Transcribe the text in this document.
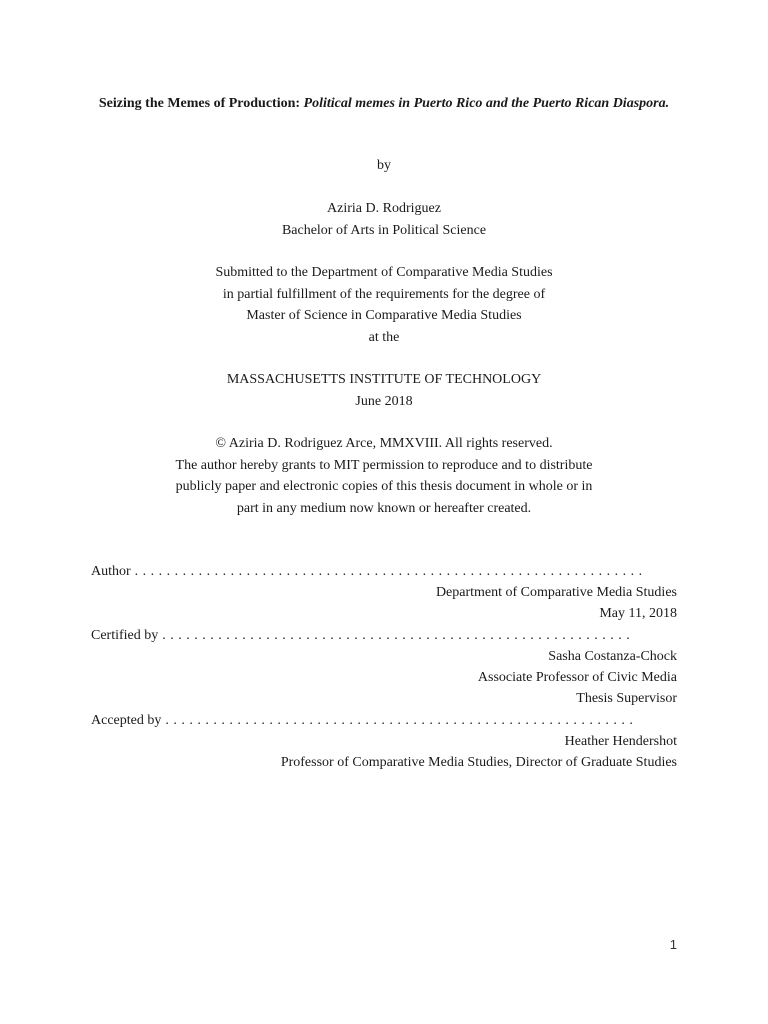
Seizing the Memes of Production: Political memes in Puerto Rico and the Puerto Rican Diaspora.
by
Aziria D. Rodriguez
Bachelor of Arts in Political Science
Submitted to the Department of Comparative Media Studies
in partial fulfillment of the requirements for the degree of
Master of Science in Comparative Media Studies
at the
MASSACHUSETTS INSTITUTE OF TECHNOLOGY
June 2018
© Aziria D. Rodriguez Arce, MMXVIII. All rights reserved.
The author hereby grants to MIT permission to reproduce and to distribute
publicly paper and electronic copies of this thesis document in whole or in
part in any medium now known or hereafter created.
Author . . . . . . . . . . . . . . . . . . . . . . . . . . . . . . . . . . . . . . . . . . . . . . . . . . . . . . . . . . . . . . . .
Department of Comparative Media Studies
May 11, 2018
Certified by . . . . . . . . . . . . . . . . . . . . . . . . . . . . . . . . . . . . . . . . . . . . . . . . . . . . . . . . . . .
Sasha Costanza-Chock
Associate Professor of Civic Media
Thesis Supervisor
Accepted by . . . . . . . . . . . . . . . . . . . . . . . . . . . . . . . . . . . . . . . . . . . . . . . . . . . . . . . . . . .
Heather Hendershot
Professor of Comparative Media Studies, Director of Graduate Studies
1
